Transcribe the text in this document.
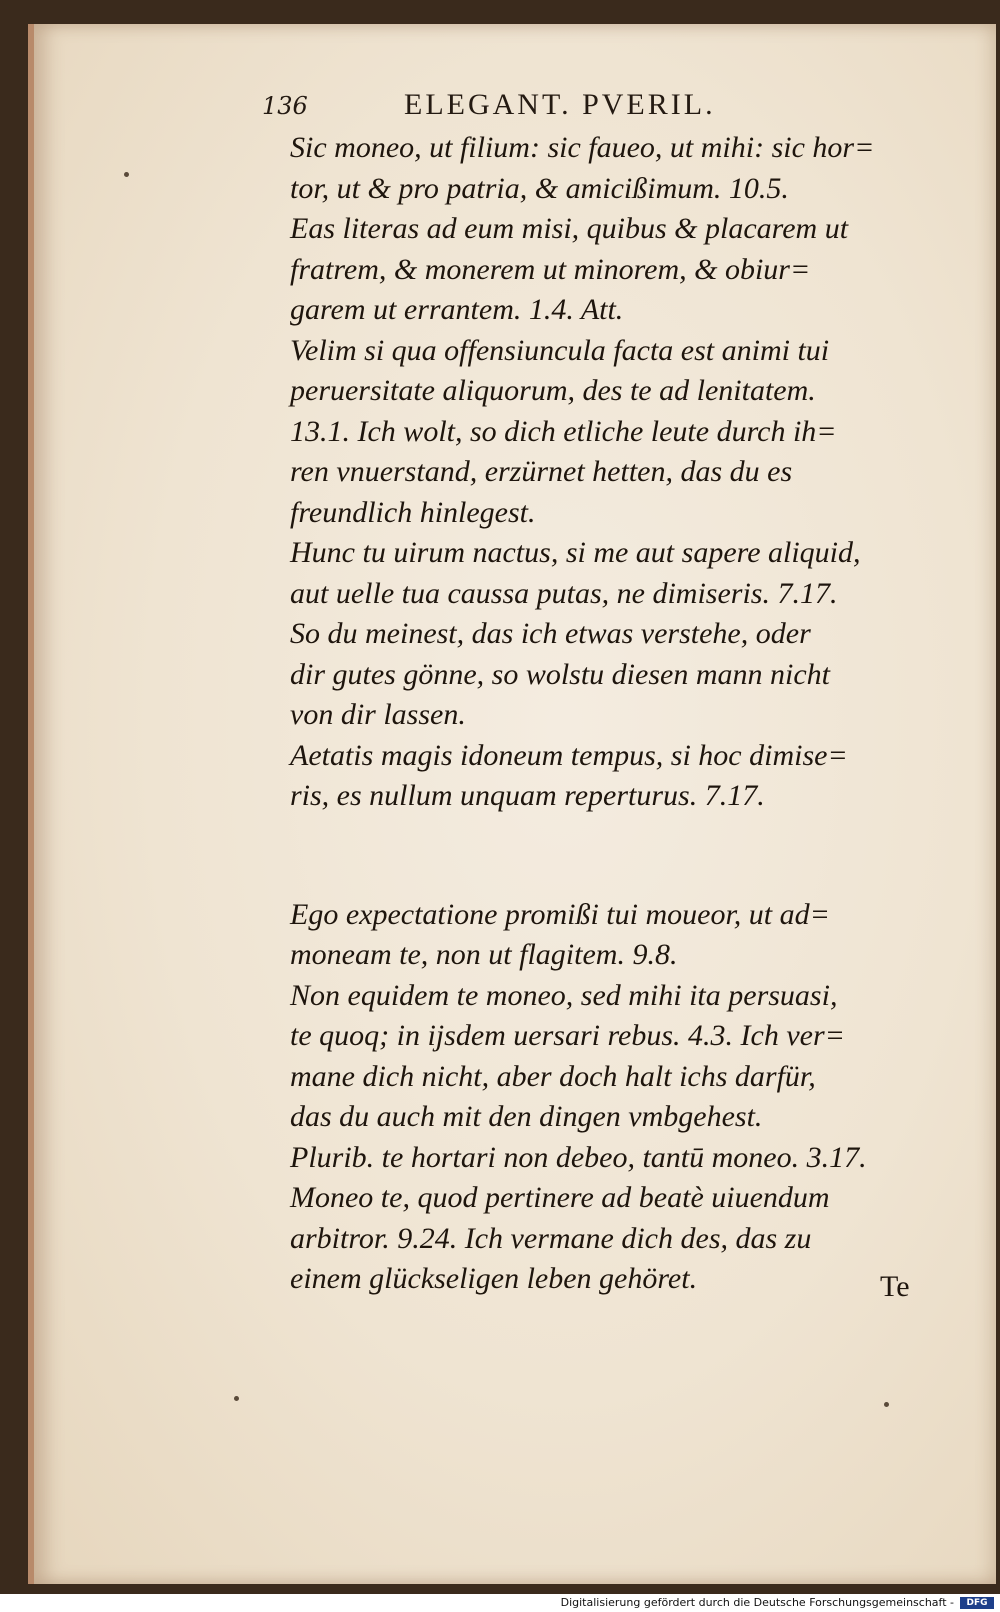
136	ELEGANT. PVERIL.
Sic moneo, ut filium: sic faueo, ut mihi: sic hor=
tor, ut & pro patria, & amicißimum. 10.5.
Eas literas ad eum misi, quibus & placarem ut
fratrem, & monerem ut minorem, & obiur=
garem ut errantem. 1.4. Att.
Velim si qua offensiuncula facta est animi tui
peruersitate aliquorum, des te ad lenitatem.
13.1. Ich wolt, so dich etliche leute durch ih=
ren vnuerstand, erzürnet hetten, das du es
freundlich hinlegest.
Hunc tu uirum nactus, si me aut sapere aliquid,
aut uelle tua caussa putas, ne dimiseris. 7.17.
So du meinest, das ich etwas verstehe, oder
dir gutes gönne, so wolstu diesen mann nicht
von dir lassen.
Aetatis magis idoneum tempus, si hoc dimise=
ris, es nullum unquam reperturus. 7.17.
Ego expectatione promißi tui moueor, ut ad=
moneam te, non ut flagitem. 9.8.
Non equidem te moneo, sed mihi ita persuasi,
te quoq; in ijsdem uersari rebus. 4.3. Ich ver=
mane dich nicht, aber doch halt ichs darfür,
das du auch mit den dingen vmbgehest.
Plurib. te hortari non debeo, tantū moneo. 3.17.
Moneo te, quod pertinere ad beatè uiuendum
arbitror. 9.24. Ich vermane dich des, das zu
einem glückseligen leben gehöret.	Te
Digitalisierung gefördert durch die Deutsche Forschungsgemeinschaft -	DFG
